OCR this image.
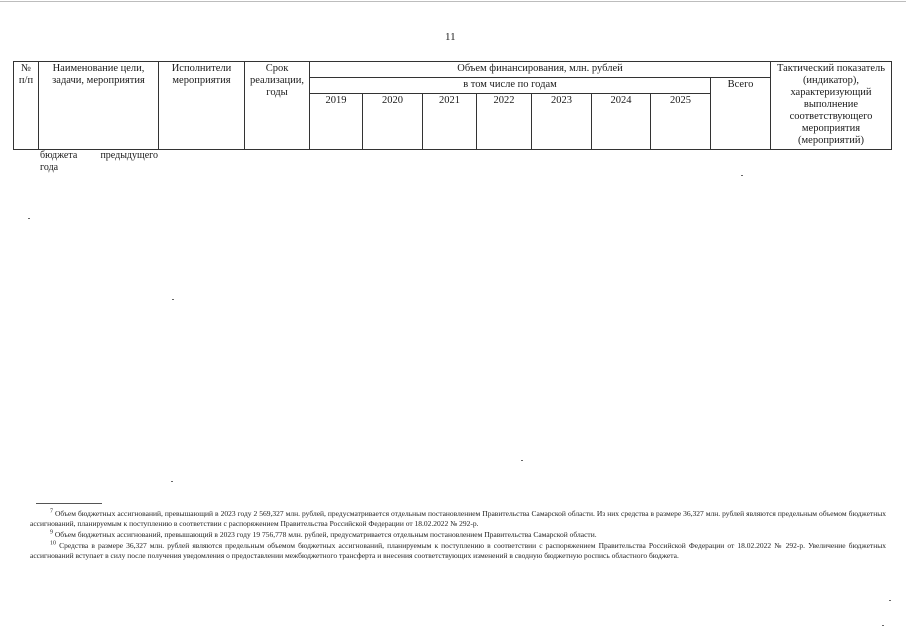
11
№ п/п	Наименование цели, задачи, мероприятия	Исполнители мероприятия	Срок реализации, годы	Объем финансирования, млн. рублей								Тактический показатель (индикатор), характеризующий выполнение соответствующего мероприятия (мероприятий)
				в том числе по годам							Всего	
				2019	2020	2021	2022	2023	2024	2025		
бюджета предыдущего
года

$^7$ Объем бюджетных ассигнований, превышающий в 2023 году 2 569,327 млн. рублей, предусматривается отдельным постановлением Правительства Самарской области. Из них средства в размере 36,327 млн. рублей являются предельным объемом бюджетных ассигнований, планируемым к поступлению в соответствии с распоряжением Правительства Российской Федерации от 18.02.2022 № 292-р.

$^9$ Объем бюджетных ассигнований, превышающий в 2023 году 19 756,778 млн. рублей, предусматривается отдельным постановлением Правительства Самарской области.

$^{10}$ Средства в размере 36,327 млн. рублей являются предельным объемом бюджетных ассигнований, планируемым к поступлению в соответствии с распоряжением Правительства Российской Федерации от 18.02.2022 № 292-р. Увеличение бюджетных ассигнований вступает в силу после получения уведомления о предоставлении межбюджетного трансферта и внесения соответствующих изменений в сводную бюджетную роспись областного бюджета.
